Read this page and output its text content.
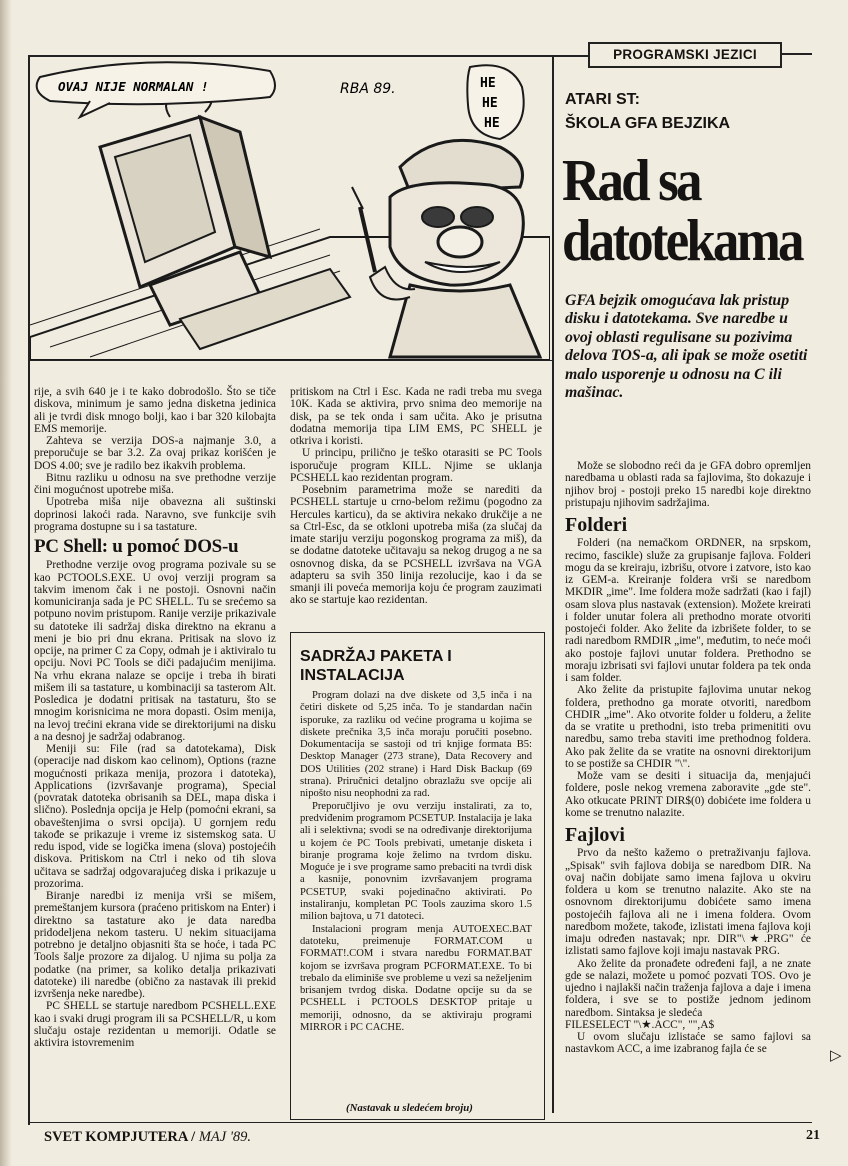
OVAJ NIJE NORMALAN !	HE
HE
HE
RBA 89.
PROGRAMSKI JEZICI
ATARI ST:
ŠKOLA GFA BEJZIKA
Rad sa
datotekama
GFA bejzik omogućava lak pristup disku i datotekama. Sve naredbe u ovoj oblasti regulisane su pozivima delova TOS-a, ali ipak se može osetiti malo usporenje u odnosu na C ili mašinac.

rije, a svih 640 je i te kako dobrodošlo. Što se tiče diskova, minimum je samo jedna disketna jedinica ali je tvrdi disk mnogo bolji, kao i bar 320 kilobajta EMS memorije.

Zahteva se verzija DOS-a najmanje 3.0, a preporučuje se bar 3.2. Za ovaj prikaz korišćen je DOS 4.00; sve je radilo bez ikakvih problema.

Bitnu razliku u odnosu na sve prethodne verzije čini mogućnost upotrebe miša.

Upotreba miša nije obavezna ali suštinski doprinosi lakoći rada. Naravno, sve funkcije svih programa dostupne su i sa tastature.

PC Shell: u pomoć DOS-u

Prethodne verzije ovog programa pozivale su se kao PCTOOLS.EXE. U ovoj verziji program sa takvim imenom čak i ne postoji. Osnovni način komuniciranja sada je PC SHELL. Tu se srećemo sa potpuno novim pristupom. Ranije verzije prikazivale su datoteke ili sadržaj diska direktno na ekranu a meni je bio pri dnu ekrana. Pritisak na slovo iz opcije, na primer C za Copy, odmah je i aktiviralo tu opciju. Novi PC Tools se diči padajućim menijima. Na vrhu ekrana nalaze se opcije i treba ih birati mišem ili sa tastature, u kombinaciji sa tasterom Alt. Posledica je dodatni pritisak na tastaturu, što se mnogim korisnicima ne mora dopasti. Osim menija, na levoj trećini ekrana vide se direktorijumi na disku a na desnoj je sadržaj odabranog.

Meniji su: File (rad sa datotekama), Disk (operacije nad diskom kao celinom), Options (razne mogućnosti prikaza menija, prozora i datoteka), Applications (izvršavanje programa), Special (povratak datoteka obrisanih sa DEL, mapa diska i slično). Poslednja opcija je Help (pomoćni ekrani, sa obaveštenjima o svrsi opcija). U gornjem redu takođe se prikazuje i vreme iz sistemskog sata. U redu ispod, vide se logička imena (slova) postojećih diskova. Pritiskom na Ctrl i neko od tih slova učitava se sadržaj odgovarajućeg diska i prikazuje u prozorima.

Biranje naredbi iz menija vrši se mišem, premeštanjem kursora (praćeno pritiskom na Enter) i direktno sa tastature ako je data naredba pridodeljena nekom tasteru. U nekim situacijama potrebno je detaljno objasniti šta se hoće, i tada PC Tools šalje prozore za dijalog. U njima su polja za podatke (na primer, sa koliko detalja prikazivati datoteke) ili naredbe (obično za nastavak ili prekid izvršenja neke naredbe).

PC SHELL se startuje naredbom PCSHELL.EXE kao i svaki drugi program ili sa PCSHELL/R, u kom slučaju ostaje rezidentan u memoriji. Odatle se aktivira istovremenim

pritiskom na Ctrl i Esc. Kada ne radi treba mu svega 10K. Kada se aktivira, prvo snima deo memorije na disk, pa se tek onda i sam učita. Ako je prisutna dodatna memorija tipa LIM EMS, PC SHELL je otkriva i koristi.

U principu, prilično je teško otarasiti se PC Tools isporučuje program KILL. Njime se uklanja PCSHELL kao rezidentan program.

Posebnim parametrima može se narediti da PCSHELL startuje u crno-belom režimu (pogodno za Hercules karticu), da se aktivira nekako drukčije a ne sa Ctrl-Esc, da se otkloni upotreba miša (za slučaj da imate stariju verziju pogonskog programa za miš), da se dodatne datoteke učitavaju sa nekog drugog a ne sa osnovnog diska, da se PCSHELL izvršava na VGA adapteru sa svih 350 linija rezolucije, kao i da se smanji ili poveća memorija koju će program zauzimati ako se startuje kao rezidentan.

SADRŽAJ PAKETA I
INSTALACIJA

Program dolazi na dve diskete od 3,5 inča i na četiri diskete od 5,25 inča. To je standardan način isporuke, za razliku od većine programa u kojima se diskete prečnika 3,5 inča moraju poručiti posebno. Dokumentacija se sastoji od tri knjige formata B5: Desktop Manager (273 strane), Data Recovery and DOS Utilities (202 strane) i Hard Disk Backup (69 strana). Priručnici detaljno obrazlažu sve opcije ali nipošto nisu neophodni za rad.

Preporučljivo je ovu verziju instalirati, za to, predviđenim programom PCSETUP. Instalacija je laka ali i selektivna; svodi se na određivanje direktorijuma u kojem će PC Tools prebivati, umetanje disketa i biranje programa koje želimo na tvrdom disku. Moguće je i sve programe samo prebaciti na tvrdi disk a kasnije, ponovnim izvršavanjem programa PCSETUP, svaki pojedinačno aktivirati. Po instaliranju, kompletan PC Tools zauzima skoro 1.5 milion bajtova, u 71 datoteci.

Instalacioni program menja AUTOEXEC.BAT datoteku, preimenuje FORMAT.COM u FORMAT!.COM i stvara naredbu FORMAT.BAT kojom se izvršava program PCFORMAT.EXE. To bi trebalo da eliminiše sve probleme u vezi sa neželjenim brisanjem tvrdog diska. Dodatne opcije su da se PCSHELL i PCTOOLS DESKTOP pritaje u memoriji, odnosno, da se aktiviraju programi MIRROR i PC CACHE.

(Nastavak u sledećem broju)

Može se slobodno reći da je GFA dobro opremljen naredbama u oblasti rada sa fajlovima, što dokazuje i njihov broj - postoji preko 15 naredbi koje direktno pristupaju njihovim sadržajima.

Folderi

Folderi (na nemačkom ORDNER, na srpskom, recimo, fascikle) služe za grupisanje fajlova. Folderi mogu da se kreiraju, izbrišu, otvore i zatvore, isto kao iz GEM-a. Kreiranje foldera vrši se naredbom MKDIR „ime". Ime foldera može sadržati (kao i fajl) osam slova plus nastavak (extension). Možete kreirati i folder unutar folera ali prethodno morate otvoriti postojeći folder. Ako želite da izbrišete folder, to se radi naredbom RMDIR „ime", međutim, to neće moći ako postoje fajlovi unutar foldera. Prethodno se moraju izbrisati svi fajlovi unutar foldera pa tek onda i sam folder.

Ako želite da pristupite fajlovima unutar nekog foldera, prethodno ga morate otvoriti, naredbom CHDIR „ime". Ako otvorite folder u folderu, a želite da se vratite u prethodni, isto treba primenititi ovu naredbu, samo treba staviti ime prethodnog foldera. Ako pak želite da se vratite na osnovni direktorijum to se postiže sa CHDIR "\".

Može vam se desiti i situacija da, menjajući foldere, posle nekog vremena zaboravite „gde ste". Ako otkucate PRINT DIR$(0) dobićete ime foldera u kome se trenutno nalazite.

Fajlovi

Prvo da nešto kažemo o pretraživanju fajlova. „Spisak" svih fajlova dobija se naredbom DIR. Na ovaj način dobijate samo imena fajlova u okviru foldera u kom se trenutno nalazite. Ako ste na osnovnom direktorijumu dobićete samo imena postojećih fajlova ali ne i imena foldera. Ovom naredbom možete, takođe, izlistati imena fajlova koji imaju određen nastavak; npr. DIR"\★.PRG" će izlistati samo fajlove koji imaju nastavak PRG.

Ako želite da pronađete određeni fajl, a ne znate gde se nalazi, možete u pomoć pozvati TOS. Ovo je ujedno i najlakši način traženja fajlova a daje i imena foldera, i sve se to postiže jednom jedinom naredbom. Sintaksa je sledeća

FILESELECT "\★.ACC", "",A$

U ovom slučaju izlistaće se samo fajlovi sa nastavkom ACC, a ime izabranog fajla će se

SVET KOMPJUTERA / MAJ '89.	21
▷
